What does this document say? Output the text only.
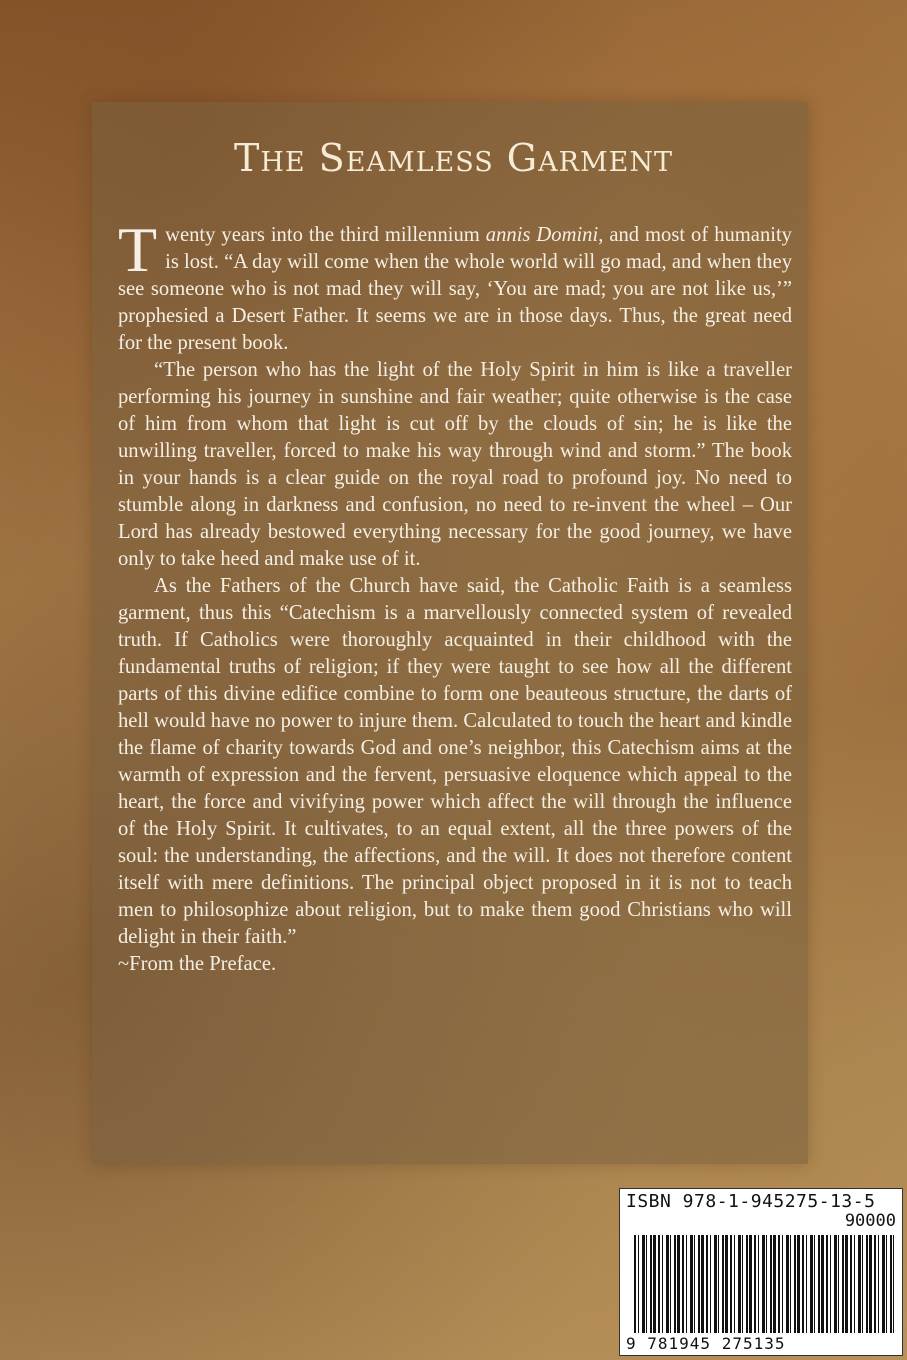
The Seamless Garment

Twenty years into the third millennium annis Domini, and most of humanity is lost. “A day will come when the whole world will go mad, and when they see someone who is not mad they will say, ‘You are mad; you are not like us,’” prophesied a Desert Father. It seems we are in those days. Thus, the great need for the present book.

“The person who has the light of the Holy Spirit in him is like a traveller performing his journey in sunshine and fair weather; quite otherwise is the case of him from whom that light is cut off by the clouds of sin; he is like the unwilling traveller, forced to make his way through wind and storm.” The book in your hands is a clear guide on the royal road to profound joy. No need to stumble along in darkness and confusion, no need to re-invent the wheel – Our Lord has already bestowed everything necessary for the good journey, we have only to take heed and make use of it.

As the Fathers of the Church have said, the Catholic Faith is a seamless garment, thus this “Catechism is a marvellously connected system of revealed truth. If Catholics were thoroughly acquainted in their childhood with the fundamental truths of religion; if they were taught to see how all the different parts of this divine edifice combine to form one beauteous structure, the darts of hell would have no power to injure them. Calculated to touch the heart and kindle the flame of charity towards God and one’s neighbor, this Catechism aims at the warmth of expression and the fervent, persuasive eloquence which appeal to the heart, the force and vivifying power which affect the will through the influence of the Holy Spirit. It cultivates, to an equal extent, all the three powers of the soul: the understanding, the affections, and the will. It does not therefore content itself with mere definitions. The principal object proposed in it is not to teach men to philosophize about religion, but to make them good Christians who will delight in their faith.”

~From the Preface.

ISBN 978-1-945275-13-5
90000
9 781945 275135
